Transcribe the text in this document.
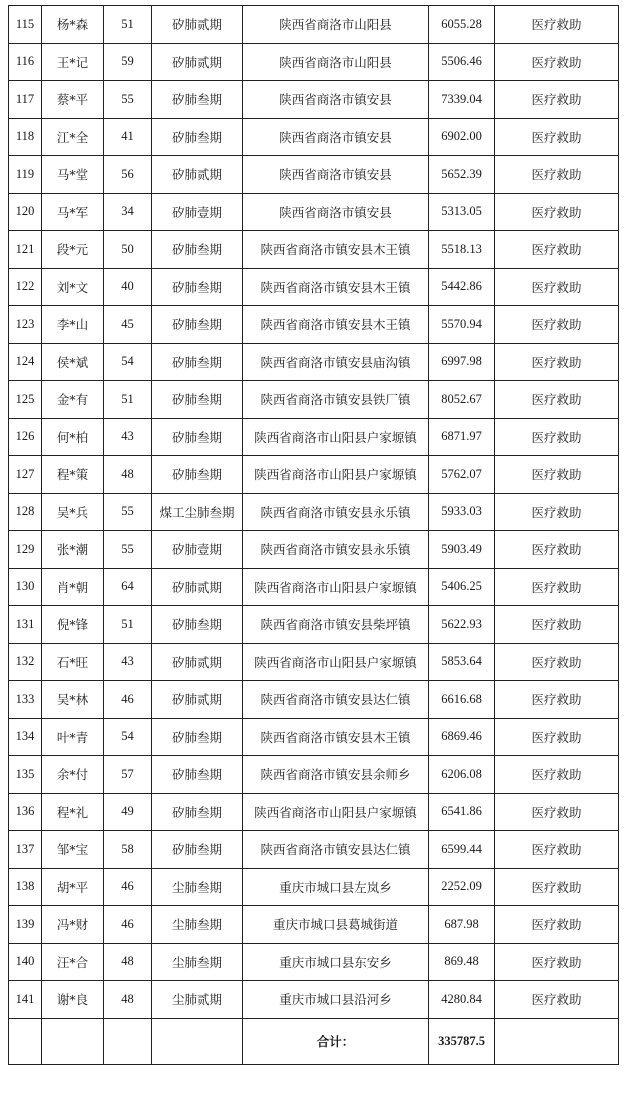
115	杨*森	51	矽肺贰期	陕西省商洛市山阳县	6055.28	医疗救助
116	王*记	59	矽肺贰期	陕西省商洛市山阳县	5506.46	医疗救助
117	蔡*平	55	矽肺叁期	陕西省商洛市镇安县	7339.04	医疗救助
118	江*全	41	矽肺叁期	陕西省商洛市镇安县	6902.00	医疗救助
119	马*堂	56	矽肺贰期	陕西省商洛市镇安县	5652.39	医疗救助
120	马*军	34	矽肺壹期	陕西省商洛市镇安县	5313.05	医疗救助
121	段*元	50	矽肺叁期	陕西省商洛市镇安县木王镇	5518.13	医疗救助
122	刘*文	40	矽肺叁期	陕西省商洛市镇安县木王镇	5442.86	医疗救助
123	李*山	45	矽肺叁期	陕西省商洛市镇安县木王镇	5570.94	医疗救助
124	侯*斌	54	矽肺叁期	陕西省商洛市镇安县庙沟镇	6997.98	医疗救助
125	金*有	51	矽肺叁期	陕西省商洛市镇安县铁厂镇	8052.67	医疗救助
126	何*柏	43	矽肺叁期	陕西省商洛市山阳县户家塬镇	6871.97	医疗救助
127	程*策	48	矽肺叁期	陕西省商洛市山阳县户家塬镇	5762.07	医疗救助
128	吴*兵	55	煤工尘肺叁期	陕西省商洛市镇安县永乐镇	5933.03	医疗救助
129	张*潮	55	矽肺壹期	陕西省商洛市镇安县永乐镇	5903.49	医疗救助
130	肖*朝	64	矽肺贰期	陕西省商洛市山阳县户家塬镇	5406.25	医疗救助
131	倪*锋	51	矽肺叁期	陕西省商洛市镇安县柴坪镇	5622.93	医疗救助
132	石*旺	43	矽肺贰期	陕西省商洛市山阳县户家塬镇	5853.64	医疗救助
133	吴*林	46	矽肺贰期	陕西省商洛市镇安县达仁镇	6616.68	医疗救助
134	叶*青	54	矽肺叁期	陕西省商洛市镇安县木王镇	6869.46	医疗救助
135	余*付	57	矽肺叁期	陕西省商洛市镇安县余师乡	6206.08	医疗救助
136	程*礼	49	矽肺叁期	陕西省商洛市山阳县户家塬镇	6541.86	医疗救助
137	邹*宝	58	矽肺叁期	陕西省商洛市镇安县达仁镇	6599.44	医疗救助
138	胡*平	46	尘肺叁期	重庆市城口县左岚乡	2252.09	医疗救助
139	冯*财	46	尘肺叁期	重庆市城口县葛城街道	687.98	医疗救助
140	汪*合	48	尘肺叁期	重庆市城口县东安乡	869.48	医疗救助
141	谢*良	48	尘肺贰期	重庆市城口县沿河乡	4280.84	医疗救助
				合计：	335787.5	
